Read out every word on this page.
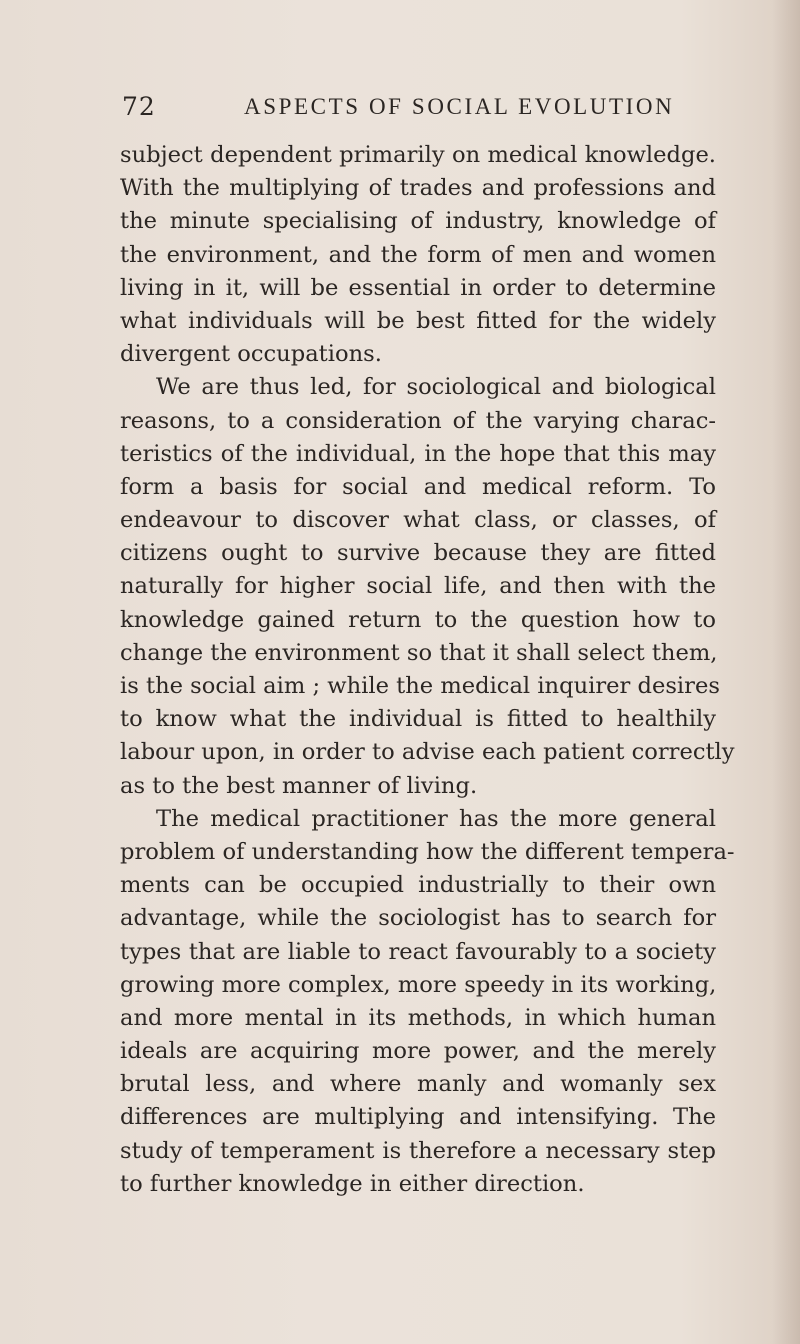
72	ASPECTS OF SOCIAL EVOLUTION
subject dependent primarily on medical knowledge.
With the multiplying of trades and professions and
the minute specialising of industry, knowledge of
the environment, and the form of men and women
living in it, will be essential in order to determine
what individuals will be best fitted for the widely
divergent occupations.
We are thus led, for sociological and biological
reasons, to a consideration of the varying charac-
teristics of the individual, in the hope that this may
form a basis for social and medical reform. To
endeavour to discover what class, or classes, of
citizens ought to survive because they are fitted
naturally for higher social life, and then with the
knowledge gained return to the question how to
change the environment so that it shall select them,
is the social aim ; while the medical inquirer desires
to know what the individual is fitted to healthily
labour upon, in order to advise each patient correctly
as to the best manner of living.
The medical practitioner has the more general
problem of understanding how the different tempera-
ments can be occupied industrially to their own
advantage, while the sociologist has to search for
types that are liable to react favourably to a society
growing more complex, more speedy in its working,
and more mental in its methods, in which human
ideals are acquiring more power, and the merely
brutal less, and where manly and womanly sex
differences are multiplying and intensifying. The
study of temperament is therefore a necessary step
to further knowledge in either direction.
